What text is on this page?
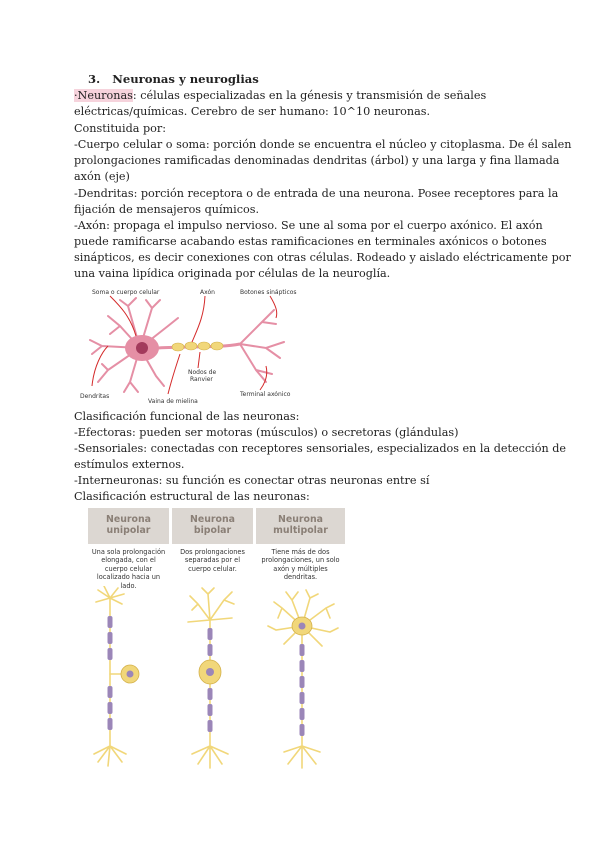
3. Neuronas y neuroglias
·Neuronas: células especializadas en la génesis y transmisión de señales
eléctricas/químicas. Cerebro de ser humano: 10^10 neuronas.
Constituida por:
-Cuerpo celular o soma: porción donde se encuentra el núcleo y citoplasma. De él salen
prolongaciones ramificadas denominadas dendritas (árbol) y una larga y fina llamada
axón (eje)
-Dendritas: porción receptora o de entrada de una neurona. Posee receptores para la
fijación de mensajeros químicos.
-Axón: propaga el impulso nervioso. Se une al soma por el cuerpo axónico. El axón
puede ramificarse acabando estas ramificaciones en terminales axónicos o botones
sinápticos, es decir conexiones con otras células. Rodeado y aislado eléctricamente por
una vaina lipídica originada por células de la neuroglía.
Soma o cuerpo celular	Axón	Botones sinápticos
Nodos de
Ranvier
Dendritas
Vaina de mielina
Terminal axónico
Clasificación funcional de las neuronas:
-Efectoras: pueden ser motoras (músculos) o secretoras (glándulas)
-Sensoriales: conectadas con receptores sensoriales, especializados en la detección de
estímulos externos.
-Interneuronas: su función es conectar otras neuronas entre sí
Clasificación estructural de las neuronas:
Neurona
unipolar
Neurona
bipolar
Neurona
multipolar
Una sola prolongación
elongada, con el
cuerpo celular
localizado hacia un lado.
Dos prolongaciones
separadas por el
cuerpo celular.
Tiene más de dos
prolongaciones, un solo
axón y múltiples
dendritas.
